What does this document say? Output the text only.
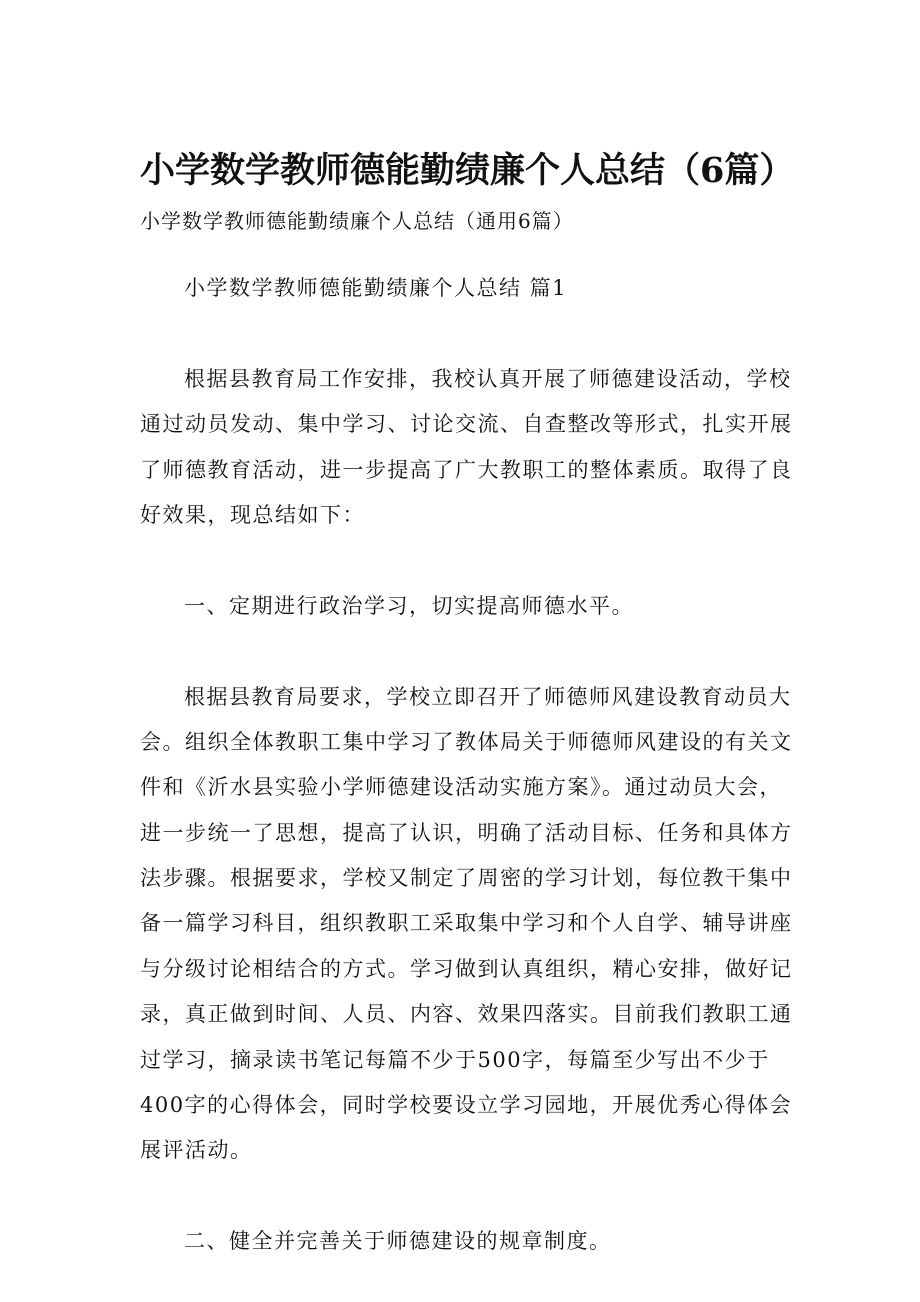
小学数学教师德能勤绩廉个人总结（6篇）
小学数学教师德能勤绩廉个人总结（通用6篇）
小学数学教师德能勤绩廉个人总结 篇1
根据县教育局工作安排，我校认真开展了师德建设活动，学校
通过动员发动、集中学习、讨论交流、自查整改等形式，扎实开展
了师德教育活动，进一步提高了广大教职工的整体素质。取得了良
好效果，现总结如下：
一、定期进行政治学习，切实提高师德水平。
根据县教育局要求，学校立即召开了师德师风建设教育动员大
会。组织全体教职工集中学习了教体局关于师德师风建设的有关文
件和《沂水县实验小学师德建设活动实施方案》。通过动员大会，
进一步统一了思想，提高了认识，明确了活动目标、任务和具体方
法步骤。根据要求，学校又制定了周密的学习计划，每位教干集中
备一篇学习科目，组织教职工采取集中学习和个人自学、辅导讲座
与分级讨论相结合的方式。学习做到认真组织，精心安排，做好记
录，真正做到时间、人员、内容、效果四落实。目前我们教职工通
过学习，摘录读书笔记每篇不少于500字，每篇至少写出不少于
400字的心得体会，同时学校要设立学习园地，开展优秀心得体会
展评活动。
二、健全并完善关于师德建设的规章制度。
